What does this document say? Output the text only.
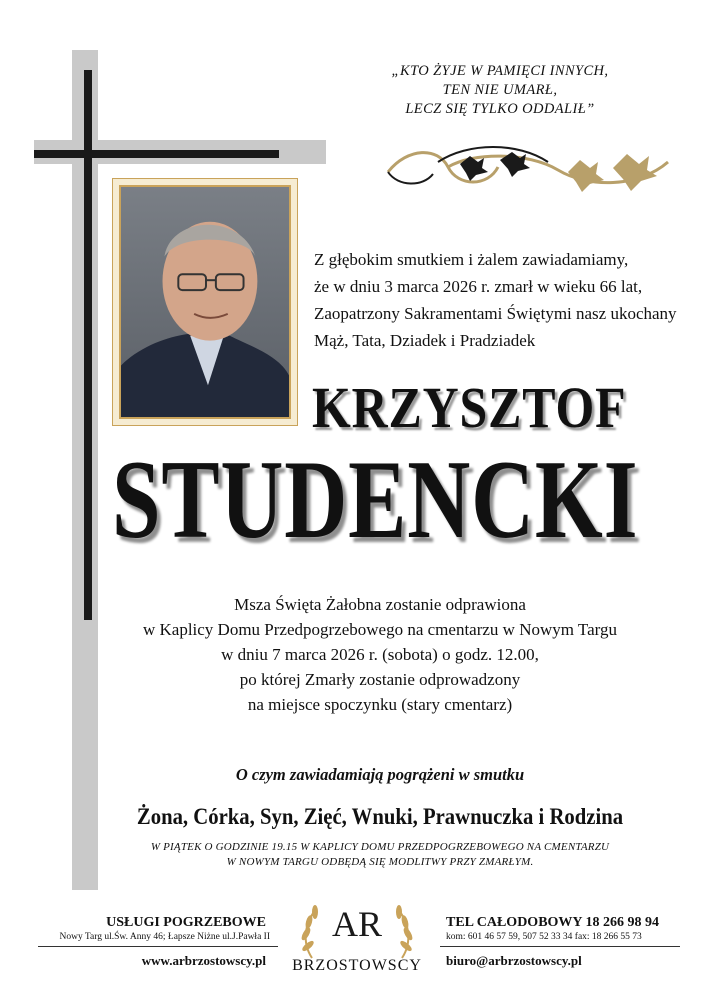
„KTO ŻYJE W PAMIĘCI INNYCH,
TEN NIE UMARŁ,
LECZ SIĘ TYLKO ODDALIŁ”
Z głębokim smutkiem i żalem zawiadamiamy,
że w dniu 3 marca 2026 r. zmarł w wieku 66 lat,
Zaopatrzony Sakramentami Świętymi nasz ukochany
Mąż, Tata, Dziadek i Pradziadek
KRZYSZTOF
STUDENCKI
Msza Święta Żałobna zostanie odprawiona
w Kaplicy Domu Przedpogrzebowego na cmentarzu w Nowym Targu
w dniu 7 marca 2026 r. (sobota) o godz. 12.00,
po której Zmarły zostanie odprowadzony
na miejsce spoczynku (stary cmentarz)
O czym zawiadamiają pogrążeni w smutku
Żona, Córka, Syn, Zięć, Wnuki, Prawnuczka i Rodzina
W PIĄTEK O GODZINIE 19.15 W KAPLICY DOMU PRZEDPOGRZEBOWEGO NA CMENTARZU
W NOWYM TARGU ODBĘDĄ SIĘ MODLITWY PRZY ZMARŁYM.
USŁUGI POGRZEBOWE
Nowy Targ ul.Św. Anny 46; Łapsze Niżne ul.J.Pawła II
www.arbrzostowscy.pl
AR
BRZOSTOWSCY
TEL CAŁODOBOWY 18 266 98 94
kom: 601 46 57 59, 507 52 33 34 fax: 18 266 55 73
biuro@arbrzostowscy.pl
